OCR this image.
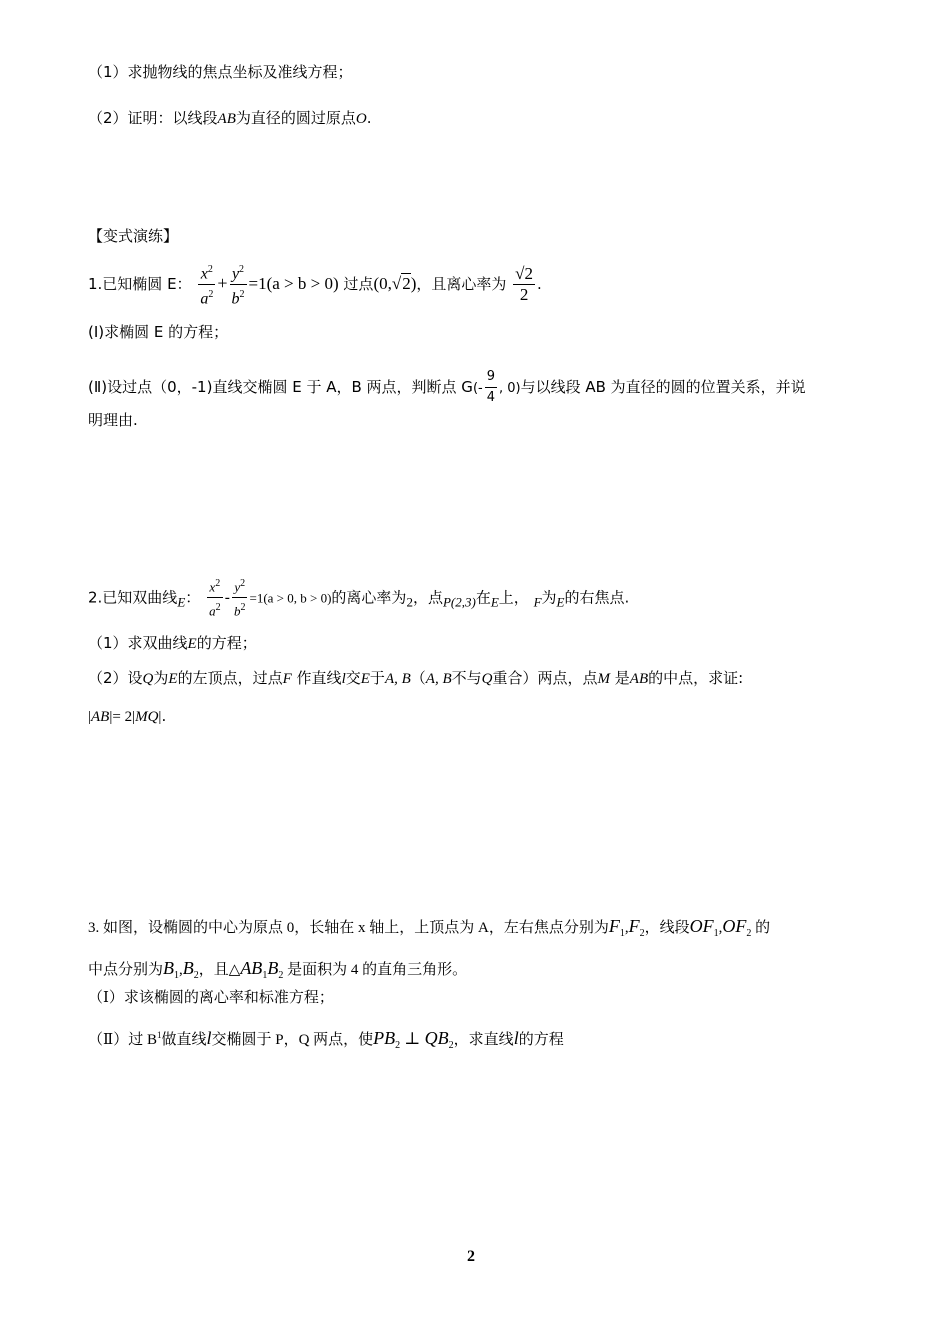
（1）求抛物线的焦点坐标及准线方程；
（2）证明：以线段AB为直径的圆过原点O.
【变式演练】
1.已知椭圆 E： $\frac{x^2}{a^2} + \frac{y^2}{b^2} =1(a > b > 0)$ 过点(0,√2)，且离心率为 $\frac{√2}{2}$ .
(Ⅰ)求椭圆 E 的方程；
(Ⅱ)设过点（0，-1)直线交椭圆 E 于 A，B 两点，判断点 $G(- \frac{9}{4}$ , 0)与以线段 AB 为直径的圆的位置关系，并说
明理由.
2.已知双曲线$_E$： $\frac{x^2}{a^2} - \frac{y^2}{b^2} =1(a > 0$, b > 0)的离心率为$_2$，点$_{P(2,3)}$在$_E$上， $_F$为$_E$的右焦点.
（1）求双曲线E的方程；
（2）设Q为E的左顶点，过点F 作直线l交E于A, B（A, B不与Q重合）两点，点M 是AB的中点，求证:
|AB|= 2|MQ|.
3. 如图，设椭圆的中心为原点 0，长轴在 x 轴上，上顶点为 A，左右焦点分别为$F_1,F_2$，线段$OF_1,OF_2$ 的
中点分别为$B_1,B_2$，且$\triangle AB_1B_2$ 是面积为 4 的直角三角形。
（Ⅰ）求该椭圆的离心率和标准方程；
（Ⅱ）过 $B^1$做直线l交椭圆于 P，Q 两点，使$PB_2$ ⊥ $QB_2$，求直线l的方程
2
